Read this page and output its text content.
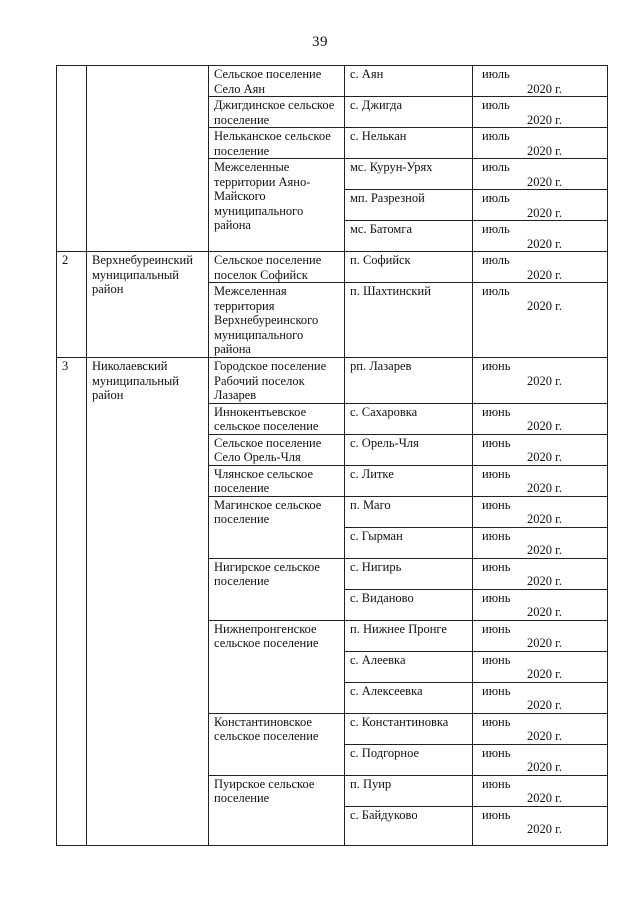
39
		Сельское поселение Село Аян	с. Аян	июль
2020 г.

		Джигдинское сельское поселение	с. Джигда	июль
2020 г.

		Нельканское сельское поселение	с. Нелькан	июль
2020 г.

		Межселенные территории Аяно-Майского муниципального района	мс. Курун-Урях	июль
2020 г.

			мп. Разрезной	июль
2020 г.

			мс. Батомга	июль
2020 г.

2	Верхнебуреинский муниципальный район	Сельское поселение поселок Софийск	п. Софийск	июль
2020 г.

		Межселенная территория Верхнебуреинского муниципального района	п. Шахтинский	июль
2020 г.

3	Николаевский муниципальный район	Городское поселение Рабочий поселок Лазарев	рп. Лазарев	июнь
2020 г.

		Иннокентьевское сельское поселение	с. Сахаровка	июнь
2020 г.

		Сельское поселение Село Орель-Чля	с. Орель-Чля	июнь
2020 г.

		Члянское сельское поселение	с. Литке	июнь
2020 г.

		Магинское сельское поселение	п. Маго	июнь
2020 г.

			с. Гырман	июнь
2020 г.

		Нигирское сельское поселение	с. Нигирь	июнь
2020 г.

			с. Виданово	июнь
2020 г.

		Нижнепронгенское сельское поселение	п. Нижнее Пронге	июнь
2020 г.

			с. Алеевка	июнь
2020 г.

			с. Алексеевка	июнь
2020 г.

		Константиновское сельское поселение	с. Константиновка	июнь
2020 г.

			с. Подгорное	июнь
2020 г.

		Пуирское сельское поселение	п. Пуир	июнь
2020 г.

			с. Байдуково	июнь
2020 г.
